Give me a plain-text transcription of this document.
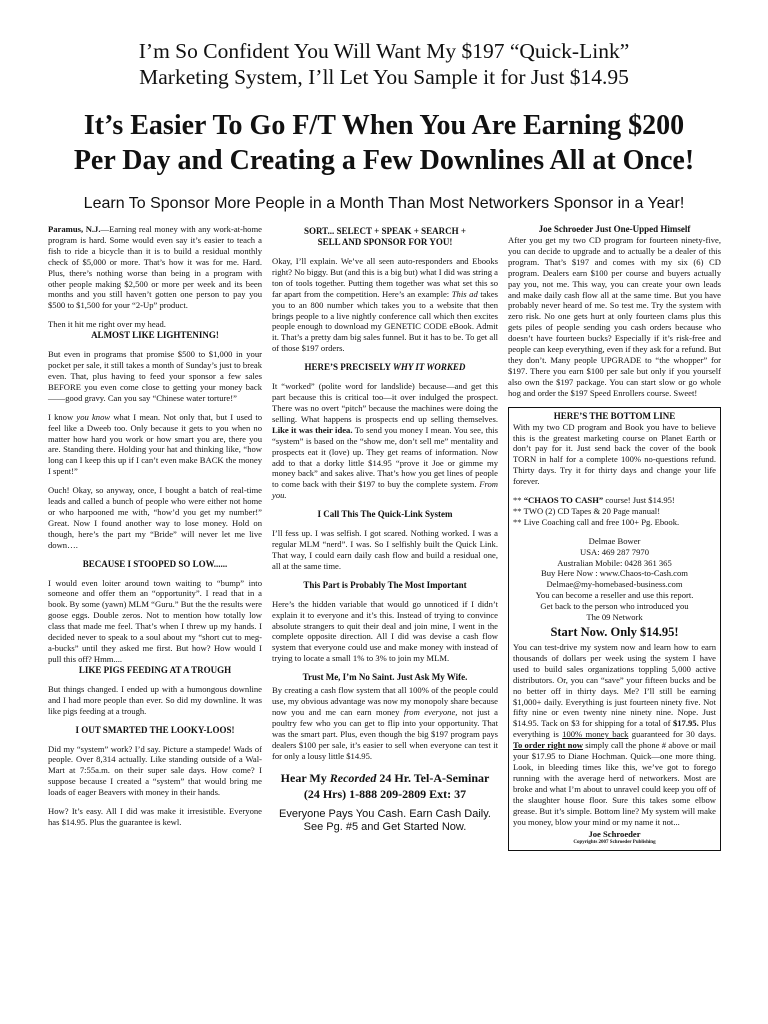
I’m So Confident You Will Want My $197 “Quick-Link”
Marketing System, I’ll Let You Sample it for Just $14.95
It’s Easier To Go F/T When You Are Earning $200
Per Day and Creating a Few Downlines All at Once!
Learn To Sponsor More People in a Month Than Most Networkers Sponsor in a Year!

Paramus, N.J.—Earning real money with any work-at-home program is hard. Some would even say it’s easier to teach a fish to ride a bicycle than it is to build a residual monthly check of $5,000 or more. That’s how it was for me. Hard. Plus, there’s nothing worse than being in a program with other people making $2,500 or more per week and its been months and you still haven’t gotten one person to pay you $500 to $1,500 for your “2-Up” product.

Then it hit me right over my head.

ALMOST LIKE LIGHTENING!

But even in programs that promise $500 to $1,000 in your pocket per sale, it still takes a month of Sunday’s just to break even. That, plus having to feed your sponsor a few sales BEFORE you even come close to getting your money back——good gravy. Can you say “Chinese water torture!”

I know you know what I mean. Not only that, but I used to feel like a Dweeb too. Only because it gets to you when no matter how hard you work or how smart you are, there you are. Standing there. Holding your hat and thinking like, “how long can I keep this up if I can’t even make BACK the money I spent!”

Ouch! Okay, so anyway, once, I bought a batch of real-time leads and called a bunch of people who were either not home or who harpooned me with, “how’d you get my number!” Great. Now I found another way to lose money. Hold on though, here’s the part my “Bride” will never let me live down….

BECAUSE I STOOPED SO LOW......

I would even loiter around town waiting to “bump” into someone and offer them an “opportunity”. I read that in a book. By some (yawn) MLM “Guru.” But the the results were goose eggs. Double zeros. Not to mention how totally low class that made me feel. That’s when I threw up my hands. I decided never to speak to a soul about my “short cut to meg-a-bucks” until they asked me first. But how? How would I pull this off? Hmm....

LIKE PIGS FEEDING AT A TROUGH

But things changed. I ended up with a humongous downline and I had more people than ever. So did my downline. It was like pigs feeding at a trough.

I OUT SMARTED THE LOOKY-LOOS!

Did my “system” work? I’d say. Picture a stampede! Wads of people. Over 8,314 actually. Like standing outside of a Wal-Mart at 7:55a.m. on their super sale days. How come? I suppose because I created a “system” that would bring me loads of eager Beavers with money in their hands.

How? It’s easy. All I did was make it irresistible. Everyone has $14.95. Plus the guarantee is kewl.

SORT... SELECT + SPEAK + SEARCH +
SELL AND SPONSOR FOR YOU!

Okay, I’ll explain. We’ve all seen auto-responders and Ebooks right? No biggy. But (and this is a big but) what I did was string a ton of tools together. Putting them together was what set this so far apart from the competition. Here’s an example: This ad takes you to an 800 number which takes you to a website that then brings people to a live nightly conference call which then excites people enough to download my GENETIC CODE eBook. Admit it. That’s a pretty dam big sales funnel. But it has to be. To get all of those $197 orders.

HERE’S PRECISELY WHY IT WORKED

It “worked” (polite word for landslide) because—and get this part because this is critical too—it over indulged the prospect. There was no overt “pitch” because the machines were doing the selling. What happens is prospects end up selling themselves. Like it was their idea. To send you money I mean. You see, this “system” is based on the “show me, don’t sell me” mentality and prospects eat it (love) up. They get reams of information. Now add to that a dorky little $14.95 “prove it Joe or gimme my money back” and sakes alive. That’s how you get lines of people to come back with their $197 to buy the complete system. From you.

I Call This The Quick-Link System

I’ll fess up. I was selfish. I got scared. Nothing worked. I was a regular MLM “nerd”. I was. So I selfishly built the Quick Link. That way, I could earn daily cash flow and build a residual one, all at the same time.

This Part is Probably The Most Important

Here’s the hidden variable that would go unnoticed if I didn’t explain it to everyone and it’s this. Instead of trying to convince absolute strangers to quit their deal and join mine, I went in the complete opposite direction. All I did was devise a cash flow system that everyone could use and make money with instead of trying to locate a small 1% to 3% to join my MLM.

Trust Me, I’m No Saint. Just Ask My Wife.

By creating a cash flow system that all 100% of the people could use, my obvious advantage was now my monopoly share because now you and me can earn money from everyone, not just a poultry few who you can get to flip into your opportunity. That was the smart part. Plus, even though the big $197 program pays dealers $100 per sale, it’s easier to sell when everyone can test it for only a lousy little $14.95.

Hear My Recorded 24 Hr. Tel-A-Seminar
(24 Hrs) 1-888 209-2809 Ext: 37
Everyone Pays You Cash. Earn Cash Daily.
See Pg. #5 and Get Started Now.
Joe Schroeder Just One-Upped Himself

After you get my two CD program for fourteen ninety-five, you can decide to upgrade and to actually be a dealer of this program. That’s $197 and comes with my six (6) CD program. Dealers earn $100 per course and buyers actually pay you, not me. This way, you can create your own leads and make daily cash flow all at the same time. But you have probably never heard of me. So test me. Try the system with zero risk. No one gets hurt at only fourteen clams plus this gets piles of people sending you cash orders because who doesn’t have fourteen bucks? Especially if it’s risk-free and people can keep everything, even if they ask for a refund. But they don’t. Many people UPGRADE to “the whopper” for $197. There you earn $100 per sale but only if you yourself also own the $197 package. You can start slow or go whole hog and order the $197 Speed Enrollers course. Sweet!

HERE’S THE BOTTOM LINE

With my two CD program and Book you have to believe this is the greatest marketing course on Planet Earth or don’t pay for it. Just send back the cover of the book TORN in half for a complete 100% no-questions refund. Thirty days. Try it for thirty days and change your life forever.

** “CHAOS TO CASH” course! Just $14.95!
** TWO (2) CD Tapes & 20 Page manual!
** Live Coaching call and free 100+ Pg. Ebook.
Delmae Bower
USA: 469 287 7970
Australian Mobile: 0428 361 365
Buy Here Now : www.Chaos-to-Cash.com
Delmae@my-homebased-business.com
You can become a reseller and use this report.
Get back to the person who introduced you
The 09 Network
Start Now. Only $14.95!

You can test-drive my system now and learn how to earn thousands of dollars per week using the system I have used to build sales organizations toppling 5,000 active distributors. Or, you can “save” your fifteen bucks and be no better off in thirty days. Me? I’ll still be earning $1,000+ daily. Everything is just fourteen ninety five. Not fifty nine or even twenty nine ninety nine. Nope. Just $14.95. Tack on $3 for shipping for a total of $17.95. Plus everything is 100% money back guaranteed for 30 days. To order right now simply call the phone # above or mail your $17.95 to Diane Hochman. Quick—one more thing. Look, in bleeding times like this, we’ve got to forego running with the average herd of networkers. Most are broke and what I’m about to unravel could keep you off of the slaughter house floor. Sure this takes some elbow grease. But it’s simple. Bottom line? My system will make you money, blow your mind or my name it not...

Joe Schroeder
Copyrights 2007 Schroeder Publishing
